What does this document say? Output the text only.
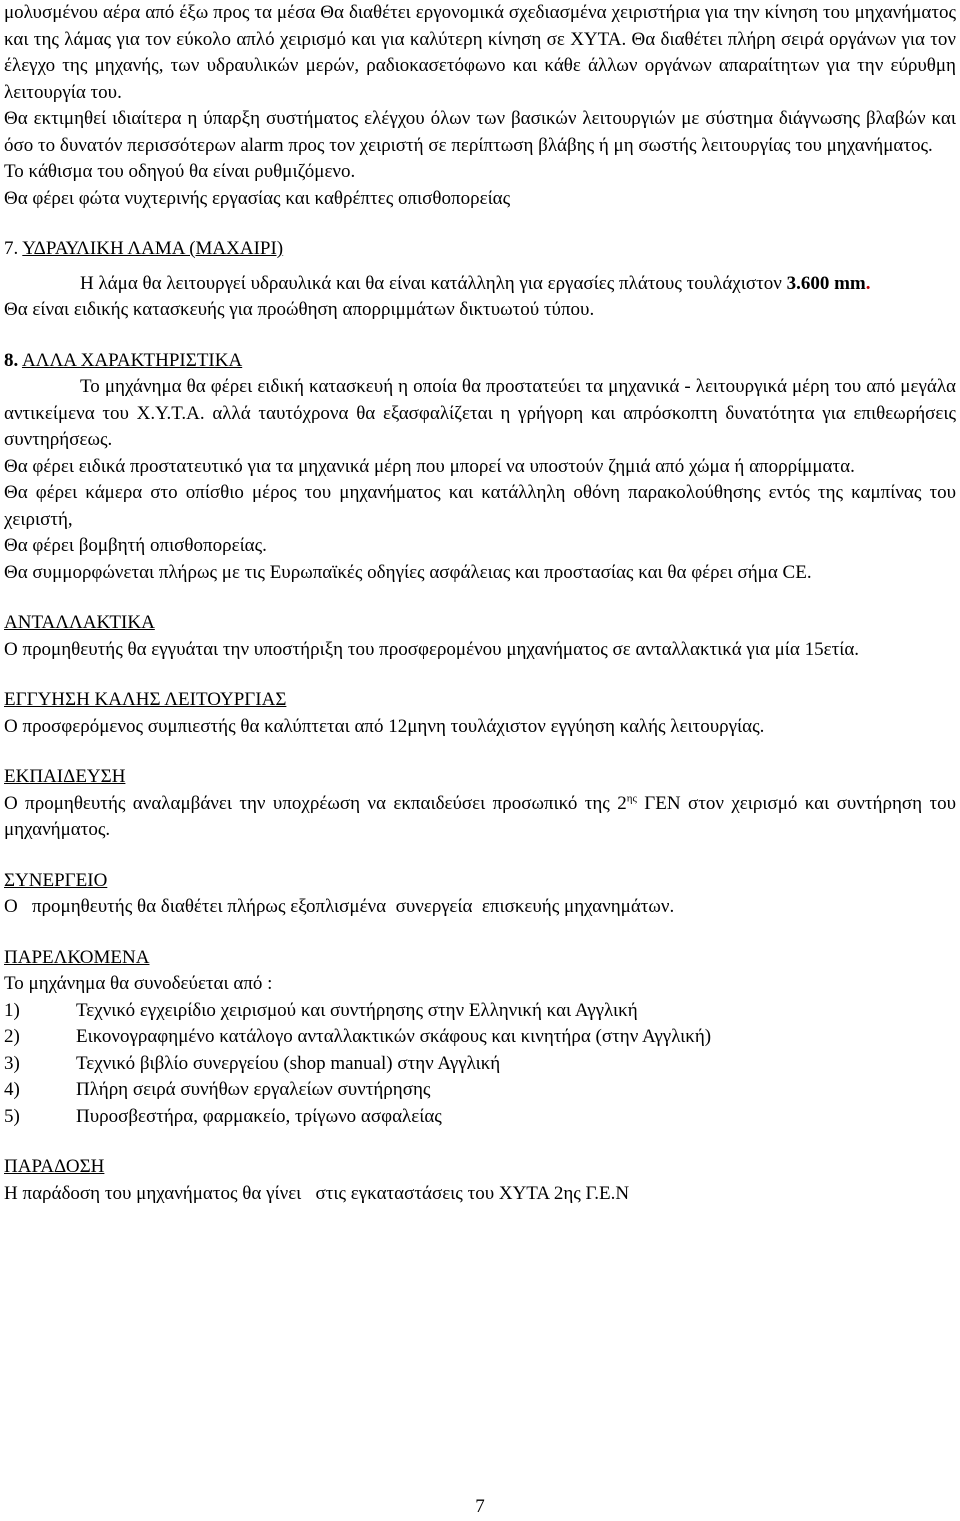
μολυσμένου αέρα από έξω προς τα μέσα Θα διαθέτει εργονομικά σχεδιασμένα χειριστήρια για την κίνηση του μηχανήματος και της λάμας για τον εύκολο απλό χειρισμό και για καλύτερη κίνηση σε ΧΥΤΑ. Θα διαθέτει πλήρη σειρά οργάνων για τον έλεγχο της μηχανής, των υδραυλικών μερών, ραδιοκασετόφωνο και κάθε άλλων οργάνων απαραίτητων για την εύρυθμη λειτουργία του.

Θα εκτιμηθεί ιδιαίτερα η ύπαρξη συστήματος ελέγχου όλων των βασικών λειτουργιών με σύστημα διάγνωσης βλαβών και όσο το δυνατόν περισσότερων alarm προς τον χειριστή σε περίπτωση βλάβης ή μη σωστής λειτουργίας του μηχανήματος.

Το κάθισμα του οδηγού θα είναι ρυθμιζόμενο.

Θα φέρει φώτα νυχτερινής εργασίας και καθρέπτες οπισθοπορείας

7. ΥΔΡΑΥΛΙΚΗ ΛΑΜΑ (ΜΑΧΑΙΡΙ)

Η λάμα θα λειτουργεί υδραυλικά και θα είναι κατάλληλη για εργασίες πλάτους τουλάχιστον 3.600 mm.

Θα είναι ειδικής κατασκευής για προώθηση απορριμμάτων δικτυωτού τύπου.

8. ΑΛΛΑ ΧΑΡΑΚΤΗΡΙΣΤΙΚΑ

Το μηχάνημα θα φέρει ειδική κατασκευή η οποία θα προστατεύει τα μηχανικά - λειτουργικά μέρη του από μεγάλα αντικείμενα του Χ.Υ.Τ.Α. αλλά ταυτόχρονα θα εξασφαλίζεται η γρήγορη και απρόσκοπτη δυνατότητα για επιθεωρήσεις συντηρήσεως.

Θα φέρει ειδικά προστατευτικό για τα μηχανικά μέρη που μπορεί να υποστούν ζημιά από χώμα ή απορρίμματα.

Θα φέρει κάμερα στο οπίσθιο μέρος του μηχανήματος και κατάλληλη οθόνη παρακολούθησης εντός της καμπίνας του χειριστή,

Θα φέρει βομβητή οπισθοπορείας.

Θα συμμορφώνεται πλήρως με τις Ευρωπαϊκές οδηγίες ασφάλειας και προστασίας και θα φέρει σήμα CE.

ΑΝΤΑΛΛΑΚΤΙΚΑ

Ο προμηθευτής θα εγγυάται την υποστήριξη του προσφερομένου μηχανήματος σε ανταλλακτικά για μία 15ετία.

ΕΓΓΥΗΣΗ ΚΑΛΗΣ ΛΕΙΤΟΥΡΓΙΑΣ

Ο προσφερόμενος συμπιεστής θα καλύπτεται από 12μηνη τουλάχιστον εγγύηση καλής λειτουργίας.

ΕΚΠΑΙΔΕΥΣΗ

Ο προμηθευτής αναλαμβάνει την υποχρέωση να εκπαιδεύσει προσωπικό της $2^{\eta\varsigma}$ ΓΕΝ στον χειρισμό και συντήρηση του μηχανήματος.

ΣΥΝΕΡΓΕΙΟ

Ο   προμηθευτής θα διαθέτει πλήρως εξοπλισμένα  συνεργεία  επισκευής μηχανημάτων.

ΠΑΡΕΛΚΟΜΕΝΑ

Το μηχάνημα θα συνοδεύεται από :

1)	Τεχνικό εγχειρίδιο χειρισμού και συντήρησης στην Ελληνική και Αγγλική
2)	Εικονογραφημένο κατάλογο ανταλλακτικών σκάφους και κινητήρα (στην Αγγλική)
3)	Τεχνικό βιβλίο συνεργείου (shop manual) στην Αγγλική
4)	Πλήρη σειρά συνήθων εργαλείων συντήρησης
5)	Πυροσβεστήρα, φαρμακείο, τρίγωνο ασφαλείας

ΠΑΡΑΔΟΣΗ

Η παράδοση του μηχανήματος θα γίνει   στις εγκαταστάσεις του ΧΥΤΑ 2ης Γ.Ε.Ν

7
